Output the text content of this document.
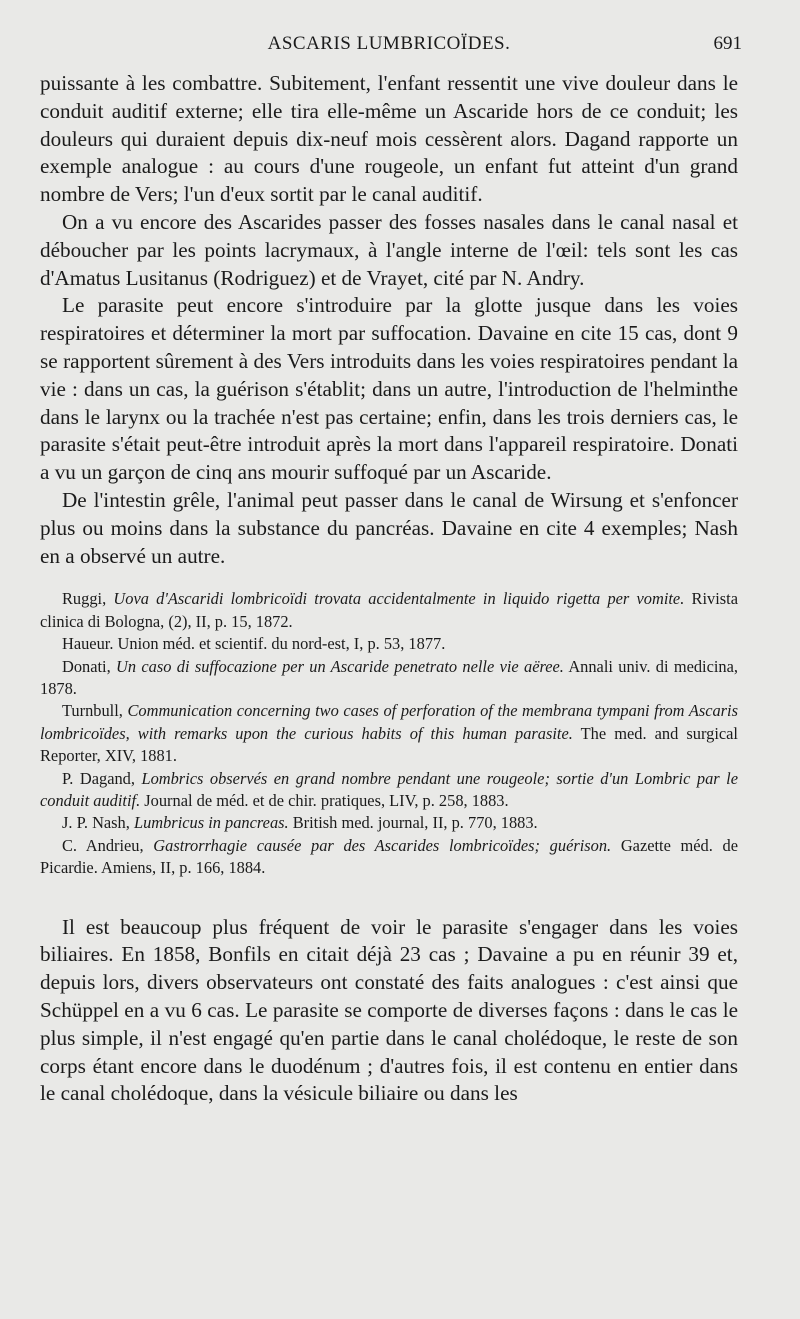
ASCARIS LUMBRICOÏDES.	691

puissante à les combattre. Subitement, l'enfant ressentit une vive douleur dans le conduit auditif externe; elle tira elle-même un Ascaride hors de ce conduit; les douleurs qui duraient depuis dix-neuf mois cessèrent alors. Dagand rapporte un exemple analogue : au cours d'une rougeole, un enfant fut atteint d'un grand nombre de Vers; l'un d'eux sortit par le canal auditif.

On a vu encore des Ascarides passer des fosses nasales dans le canal nasal et déboucher par les points lacrymaux, à l'angle interne de l'œil: tels sont les cas d'Amatus Lusitanus (Rodriguez) et de Vrayet, cité par N. Andry.

Le parasite peut encore s'introduire par la glotte jusque dans les voies respiratoires et déterminer la mort par suffocation. Davaine en cite 15 cas, dont 9 se rapportent sûrement à des Vers introduits dans les voies respiratoires pendant la vie : dans un cas, la guérison s'établit; dans un autre, l'introduction de l'helminthe dans le larynx ou la trachée n'est pas certaine; enfin, dans les trois derniers cas, le parasite s'était peut-être introduit après la mort dans l'appareil respiratoire. Donati a vu un garçon de cinq ans mourir suffoqué par un Ascaride.

De l'intestin grêle, l'animal peut passer dans le canal de Wirsung et s'enfoncer plus ou moins dans la substance du pancréas. Davaine en cite 4 exemples; Nash en a observé un autre.

Ruggi, Uova d'Ascaridi lombricoïdi trovata accidentalmente in liquido rigetta per vomite. Rivista clinica di Bologna, (2), II, p. 15, 1872.

Haueur. Union méd. et scientif. du nord-est, I, p. 53, 1877.

Donati, Un caso di suffocazione per un Ascaride penetrato nelle vie aëree. Annali univ. di medicina, 1878.

Turnbull, Communication concerning two cases of perforation of the membrana tympani from Ascaris lombricoïdes, with remarks upon the curious habits of this human parasite. The med. and surgical Reporter, XIV, 1881.

P. Dagand, Lombrics observés en grand nombre pendant une rougeole; sortie d'un Lombric par le conduit auditif. Journal de méd. et de chir. pratiques, LIV, p. 258, 1883.

J. P. Nash, Lumbricus in pancreas. British med. journal, II, p. 770, 1883.

C. Andrieu, Gastrorrhagie causée par des Ascarides lombricoïdes; guérison. Gazette méd. de Picardie. Amiens, II, p. 166, 1884.

Il est beaucoup plus fréquent de voir le parasite s'engager dans les voies biliaires. En 1858, Bonfils en citait déjà 23 cas ; Davaine a pu en réunir 39 et, depuis lors, divers observateurs ont constaté des faits analogues : c'est ainsi que Schüppel en a vu 6 cas. Le parasite se comporte de diverses façons : dans le cas le plus simple, il n'est engagé qu'en partie dans le canal cholédoque, le reste de son corps étant encore dans le duodénum ; d'autres fois, il est contenu en entier dans le canal cholédoque, dans la vésicule biliaire ou dans les
